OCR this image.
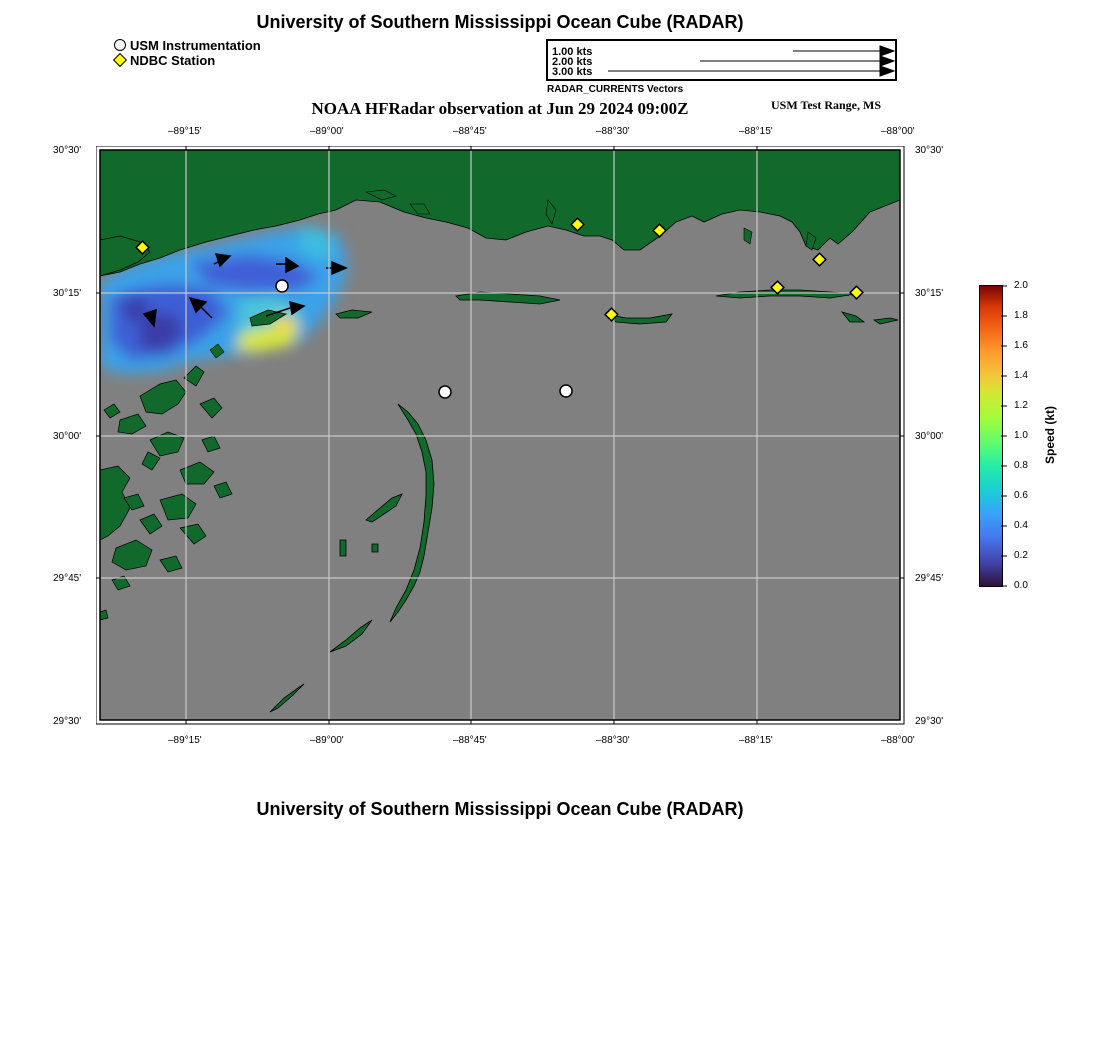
University of Southern Mississippi Ocean Cube (RADAR)
USM Instrumentation
NDBC Station
1.00 kts
2.00 kts
3.00 kts
RADAR_CURRENTS Vectors
NOAA HFRadar observation at Jun 29 2024 09:00Z	USM Test Range, MS
–89°15'	–89°00'	–88°45'	–88°30'	–88°15'	–88°00'
–89°15'	–89°00'	–88°45'	–88°30'	–88°15'	–88°00'
30°30'
30°15'
30°00'
29°45'
29°30'
30°30'
30°15'
30°00'
29°45'
29°30'
2.0
1.8
1.6
1.4
1.2
1.0
0.8
0.6
0.4
0.2
0.0
Speed (kt)
University of Southern Mississippi Ocean Cube (RADAR)
